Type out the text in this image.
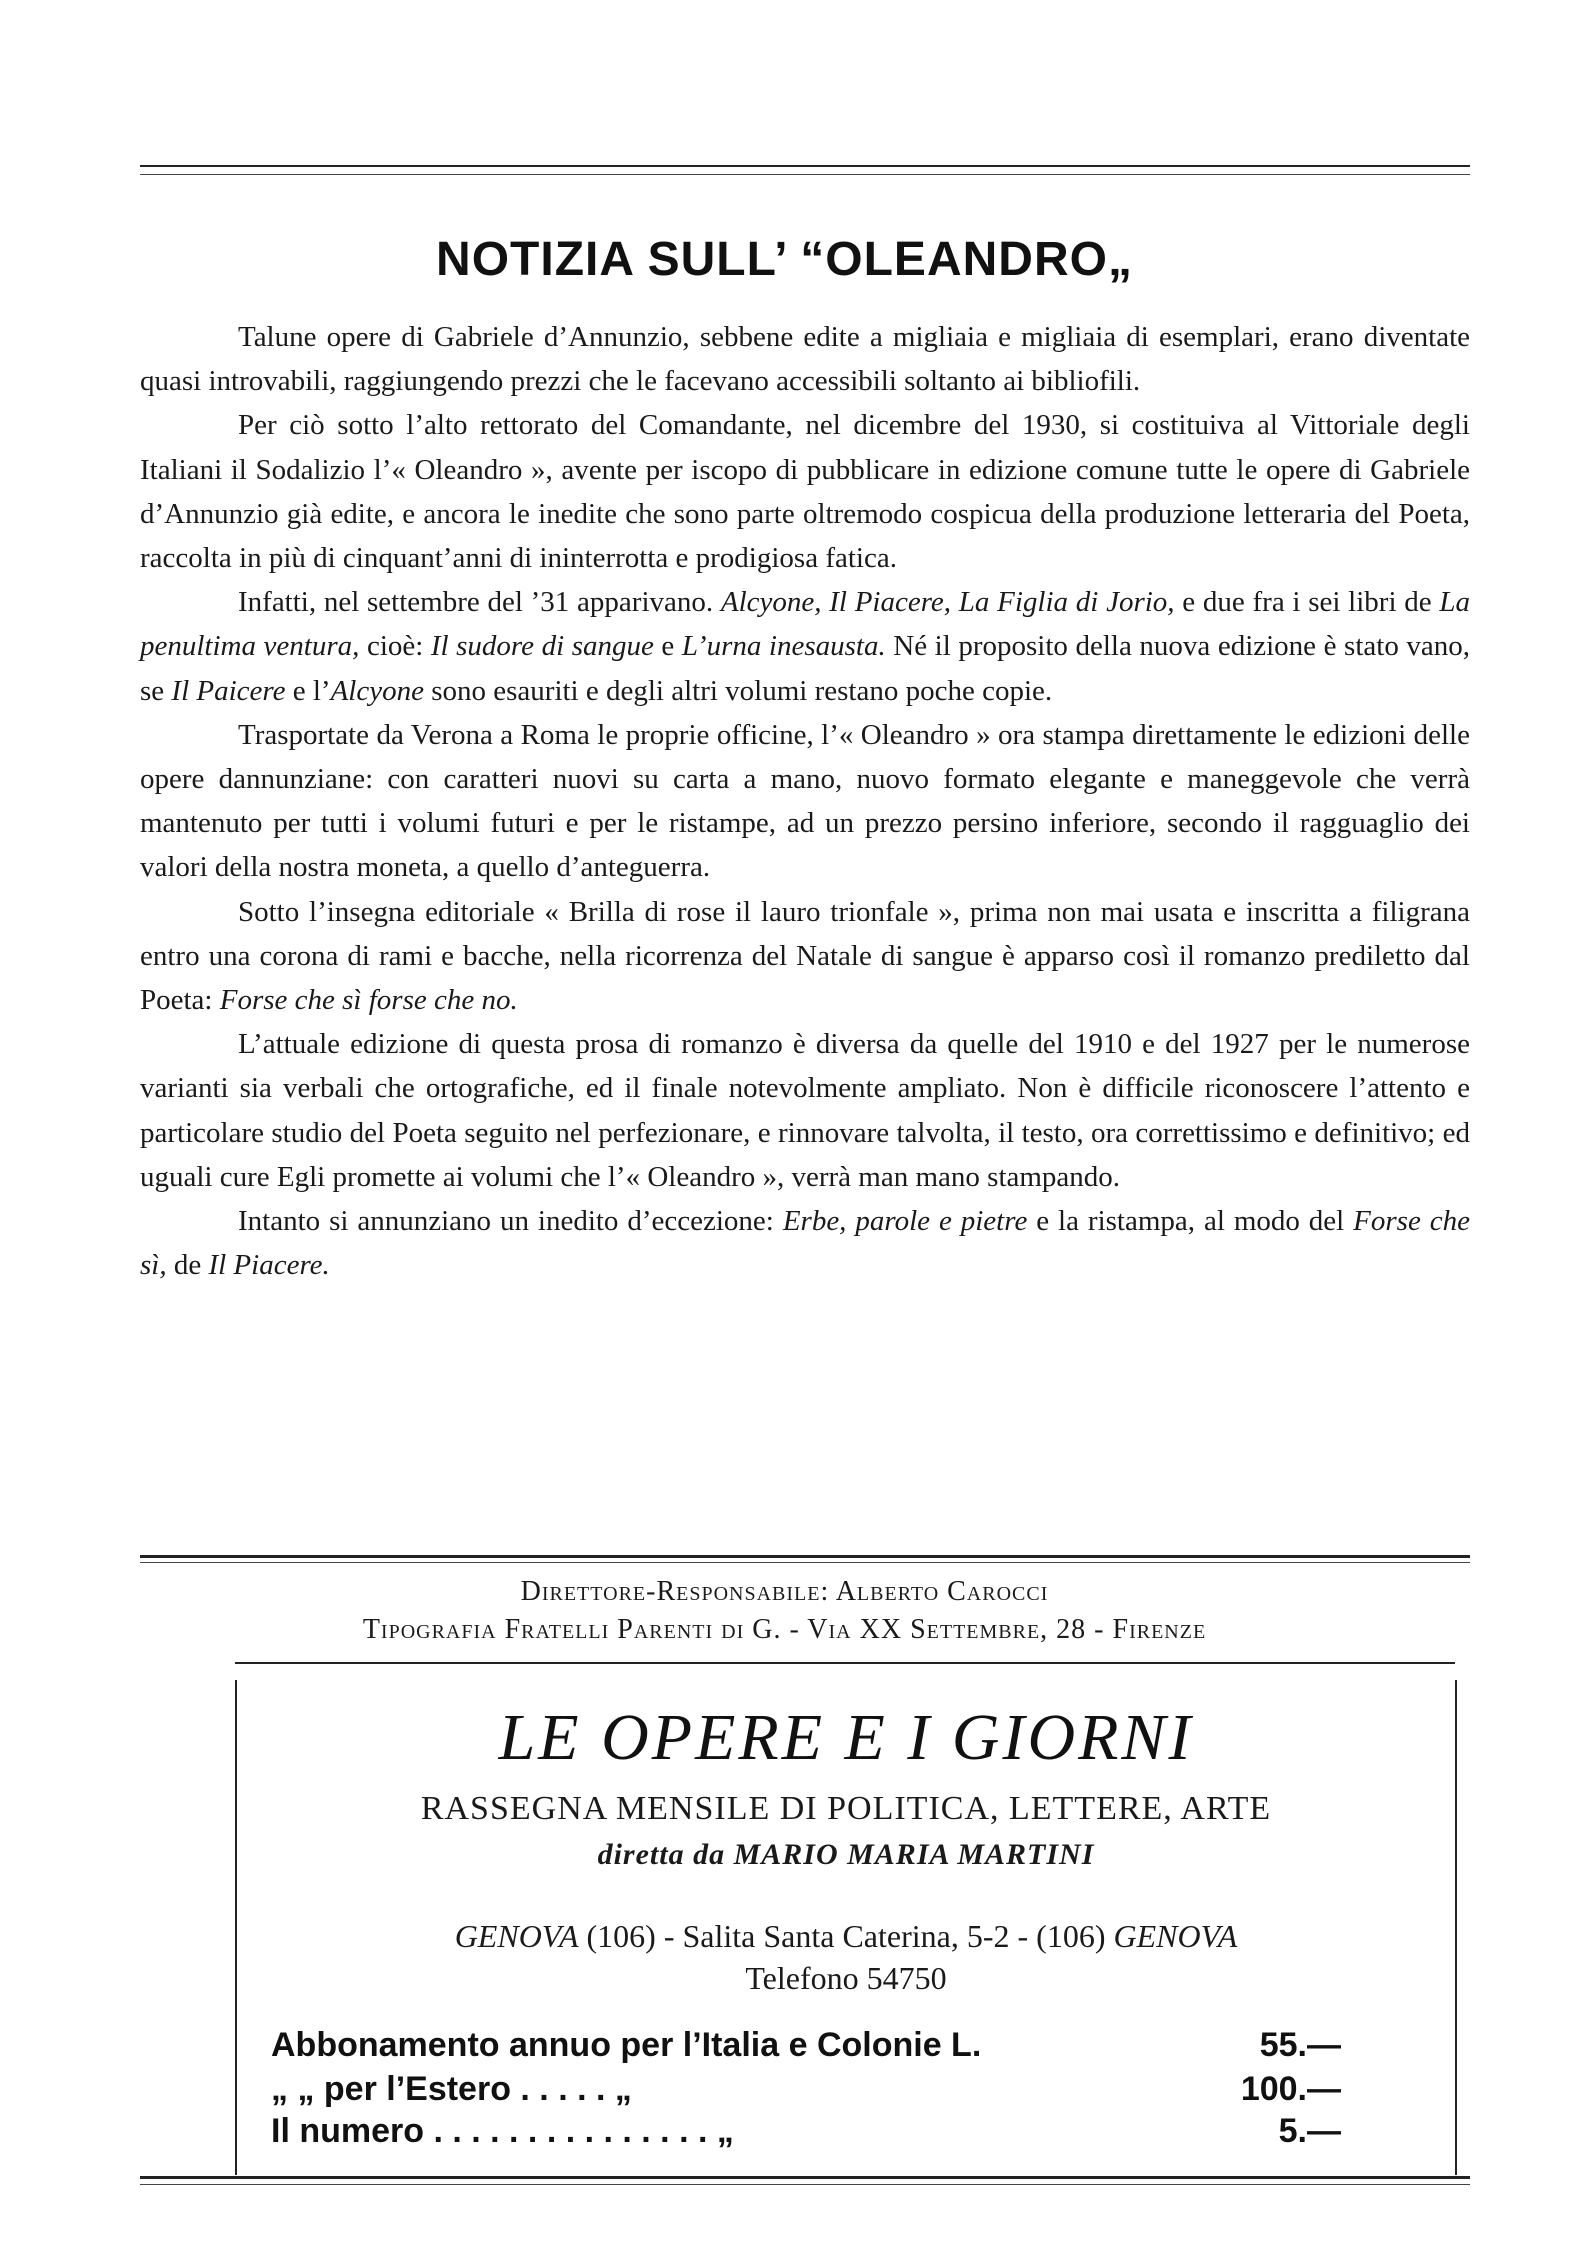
NOTIZIA SULL’ “OLEANDRO„

Talune opere di Gabriele d’Annunzio, sebbene edite a migliaia e migliaia di esemplari, erano diventate quasi introvabili, raggiungendo prezzi che le facevano accessibili soltanto ai bibliofili.

Per ciò sotto l’alto rettorato del Comandante, nel dicembre del 1930, si costituiva al Vittoriale degli Italiani il Sodalizio l’« Oleandro », avente per iscopo di pubblicare in edizione comune tutte le opere di Gabriele d’Annunzio già edite, e ancora le inedite che sono parte oltremodo cospicua della produzione letteraria del Poeta, raccolta in più di cinquant’anni di ininterrotta e prodigiosa fatica.

Infatti, nel settembre del ’31 apparivano. Alcyone, Il Piacere, La Figlia di Jorio, e due fra i sei libri de La penultima ventura, cioè: Il sudore di sangue e L’urna inesausta. Né il proposito della nuova edizione è stato vano, se Il Paicere e l’Alcyone sono esauriti e degli altri volumi restano poche copie.

Trasportate da Verona a Roma le proprie officine, l’« Oleandro » ora stampa direttamente le edizioni delle opere dannunziane: con caratteri nuovi su carta a mano, nuovo formato elegante e maneggevole che verrà mantenuto per tutti i volumi futuri e per le ristampe, ad un prezzo persino inferiore, secondo il ragguaglio dei valori della nostra moneta, a quello d’anteguerra.

Sotto l’insegna editoriale « Brilla di rose il lauro trionfale », prima non mai usata e inscritta a filigrana entro una corona di rami e bacche, nella ricorrenza del Natale di sangue è apparso così il romanzo prediletto dal Poeta: Forse che sì forse che no.

L’attuale edizione di questa prosa di romanzo è diversa da quelle del 1910 e del 1927 per le numerose varianti sia verbali che ortografiche, ed il finale notevolmente ampliato. Non è difficile riconoscere l’attento e particolare studio del Poeta seguito nel perfezionare, e rinnovare talvolta, il testo, ora correttissimo e definitivo; ed uguali cure Egli promette ai volumi che l’« Oleandro », verrà man mano stampando.

Intanto si annunziano un inedito d’eccezione: Erbe, parole e pietre e la ristampa, al modo del Forse che sì, de Il Piacere.

Direttore-Responsabile: Alberto Carocci
Tipografia Fratelli Parenti di G. - Via XX Settembre, 28 - Firenze
LE OPERE E I GIORNI
RASSEGNA MENSILE DI POLITICA, LETTERE, ARTE
diretta da MARIO MARIA MARTINI
GENOVA (106) - Salita Santa Caterina, 5-2 - (106) GENOVA
Telefono 54750
Abbonamento annuo per l’Italia e Colonie L.	55.—
„ „ per l’Estero . . . . . „	100.—
Il numero . . . . . . . . . . . . . . . „	5.—
